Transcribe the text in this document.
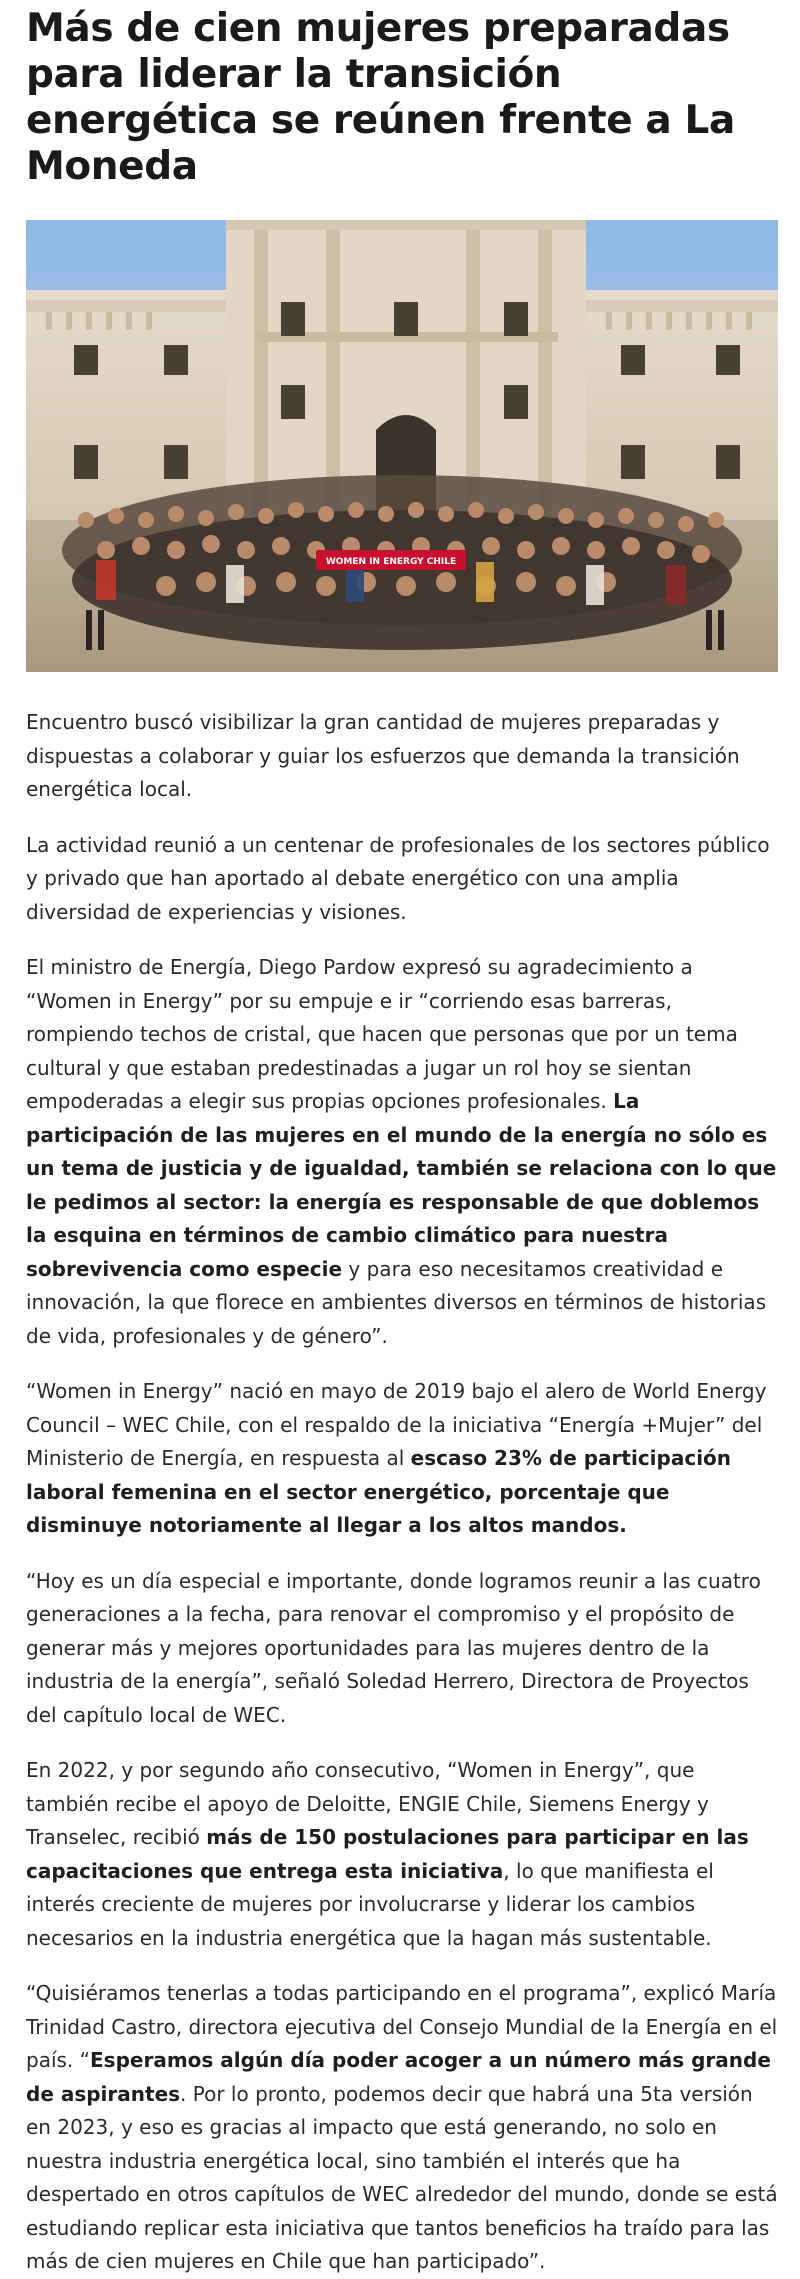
Más de cien mujeres preparadas para liderar la transición energética se reúnen frente a La Moneda
WOMEN IN ENERGY CHILE

Encuentro buscó visibilizar la gran cantidad de mujeres preparadas y dispuestas a colaborar y guiar los esfuerzos que demanda la transición energética local.

La actividad reunió a un centenar de profesionales de los sectores público y privado que han aportado al debate energético con una amplia diversidad de experiencias y visiones.

El ministro de Energía, Diego Pardow expresó su agradecimiento a “Women in Energy” por su empuje e ir “corriendo esas barreras, rompiendo techos de cristal, que hacen que personas que por un tema cultural y que estaban predestinadas a jugar un rol hoy se sientan empoderadas a elegir sus propias opciones profesionales. La participación de las mujeres en el mundo de la energía no sólo es un tema de justicia y de igualdad, también se relaciona con lo que le pedimos al sector: la energía es responsable de que doblemos la esquina en términos de cambio climático para nuestra sobrevivencia como especie y para eso necesitamos creatividad e innovación, la que florece en ambientes diversos en términos de historias de vida, profesionales y de género”.

“Women in Energy” nació en mayo de 2019 bajo el alero de World Energy Council – WEC Chile, con el respaldo de la iniciativa “Energía +Mujer” del Ministerio de Energía, en respuesta al escaso 23% de participación laboral femenina en el sector energético, porcentaje que disminuye notoriamente al llegar a los altos mandos.

“Hoy es un día especial e importante, donde logramos reunir a las cuatro generaciones a la fecha, para renovar el compromiso y el propósito de generar más y mejores oportunidades para las mujeres dentro de la industria de la energía”, señaló Soledad Herrero, Directora de Proyectos del capítulo local de WEC.

En 2022, y por segundo año consecutivo, “Women in Energy”, que también recibe el apoyo de Deloitte, ENGIE Chile, Siemens Energy y Transelec, recibió más de 150 postulaciones para participar en las capacitaciones que entrega esta iniciativa, lo que manifiesta el interés creciente de mujeres por involucrarse y liderar los cambios necesarios en la industria energética que la hagan más sustentable.

“Quisiéramos tenerlas a todas participando en el programa”, explicó María Trinidad Castro, directora ejecutiva del Consejo Mundial de la Energía en el país. “Esperamos algún día poder acoger a un número más grande de aspirantes. Por lo pronto, podemos decir que habrá una 5ta versión en 2023, y eso es gracias al impacto que está generando, no solo en nuestra industria energética local, sino también el interés que ha despertado en otros capítulos de WEC alrededor del mundo, donde se está estudiando replicar esta iniciativa que tantos beneficios ha traído para las más de cien mujeres en Chile que han participado”.
